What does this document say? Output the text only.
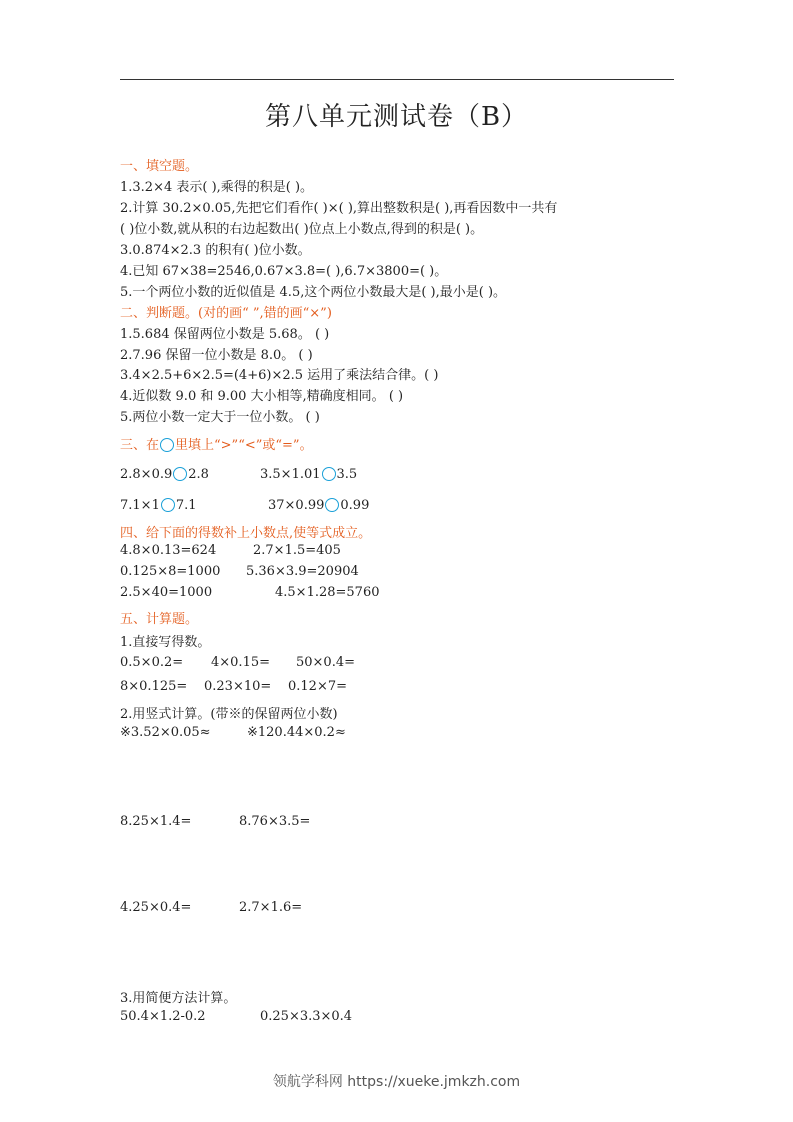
第八单元测试卷（B）
一、填空题。
1.3.2×4 表示( ),乘得的积是( )。
2.计算 30.2×0.05,先把它们看作( )×( ),算出整数积是( ),再看因数中一共有
( )位小数,就从积的右边起数出( )位点上小数点,得到的积是( )。
3.0.874×2.3 的积有( )位小数。
4.已知 67×38=2546,0.67×3.8=( ),6.7×3800=( )。
5.一个两位小数的近似值是 4.5,这个两位小数最大是( ),最小是( )。
二、判断题。(对的画“ ”,错的画“×”)
1.5.684 保留两位小数是 5.68。 ( )
2.7.96 保留一位小数是 8.0。 ( )
3.4×2.5+6×2.5=(4+6)×2.5 运用了乘法结合律。( )
4.近似数 9.0 和 9.00 大小相等,精确度相同。 ( )
5.两位小数一定大于一位小数。 ( )
三、在 里填上“>”“<”或“=”。
2.8×0.9 2.8	3.5×1.01 3.5
7.1×1 7.1	37×0.99 0.99
四、给下面的得数补上小数点,使等式成立。
4.8×0.13=624	2.7×1.5=405
0.125×8=1000 5.36×3.9=20904
2.5×40=1000	4.5×1.28=5760
五、计算题。
1.直接写得数。
0.5×0.2= 4×0.15= 50×0.4=
8×0.125= 0.23×10= 0.12×7=
2.用竖式计算。(带※的保留两位小数)
※3.52×0.05≈	※120.44×0.2≈
8.25×1.4=	8.76×3.5=
4.25×0.4=	2.7×1.6=
3.用简便方法计算。
50.4×1.2-0.2	0.25×3.3×0.4
领航学科网 https://xueke.jmkzh.com
